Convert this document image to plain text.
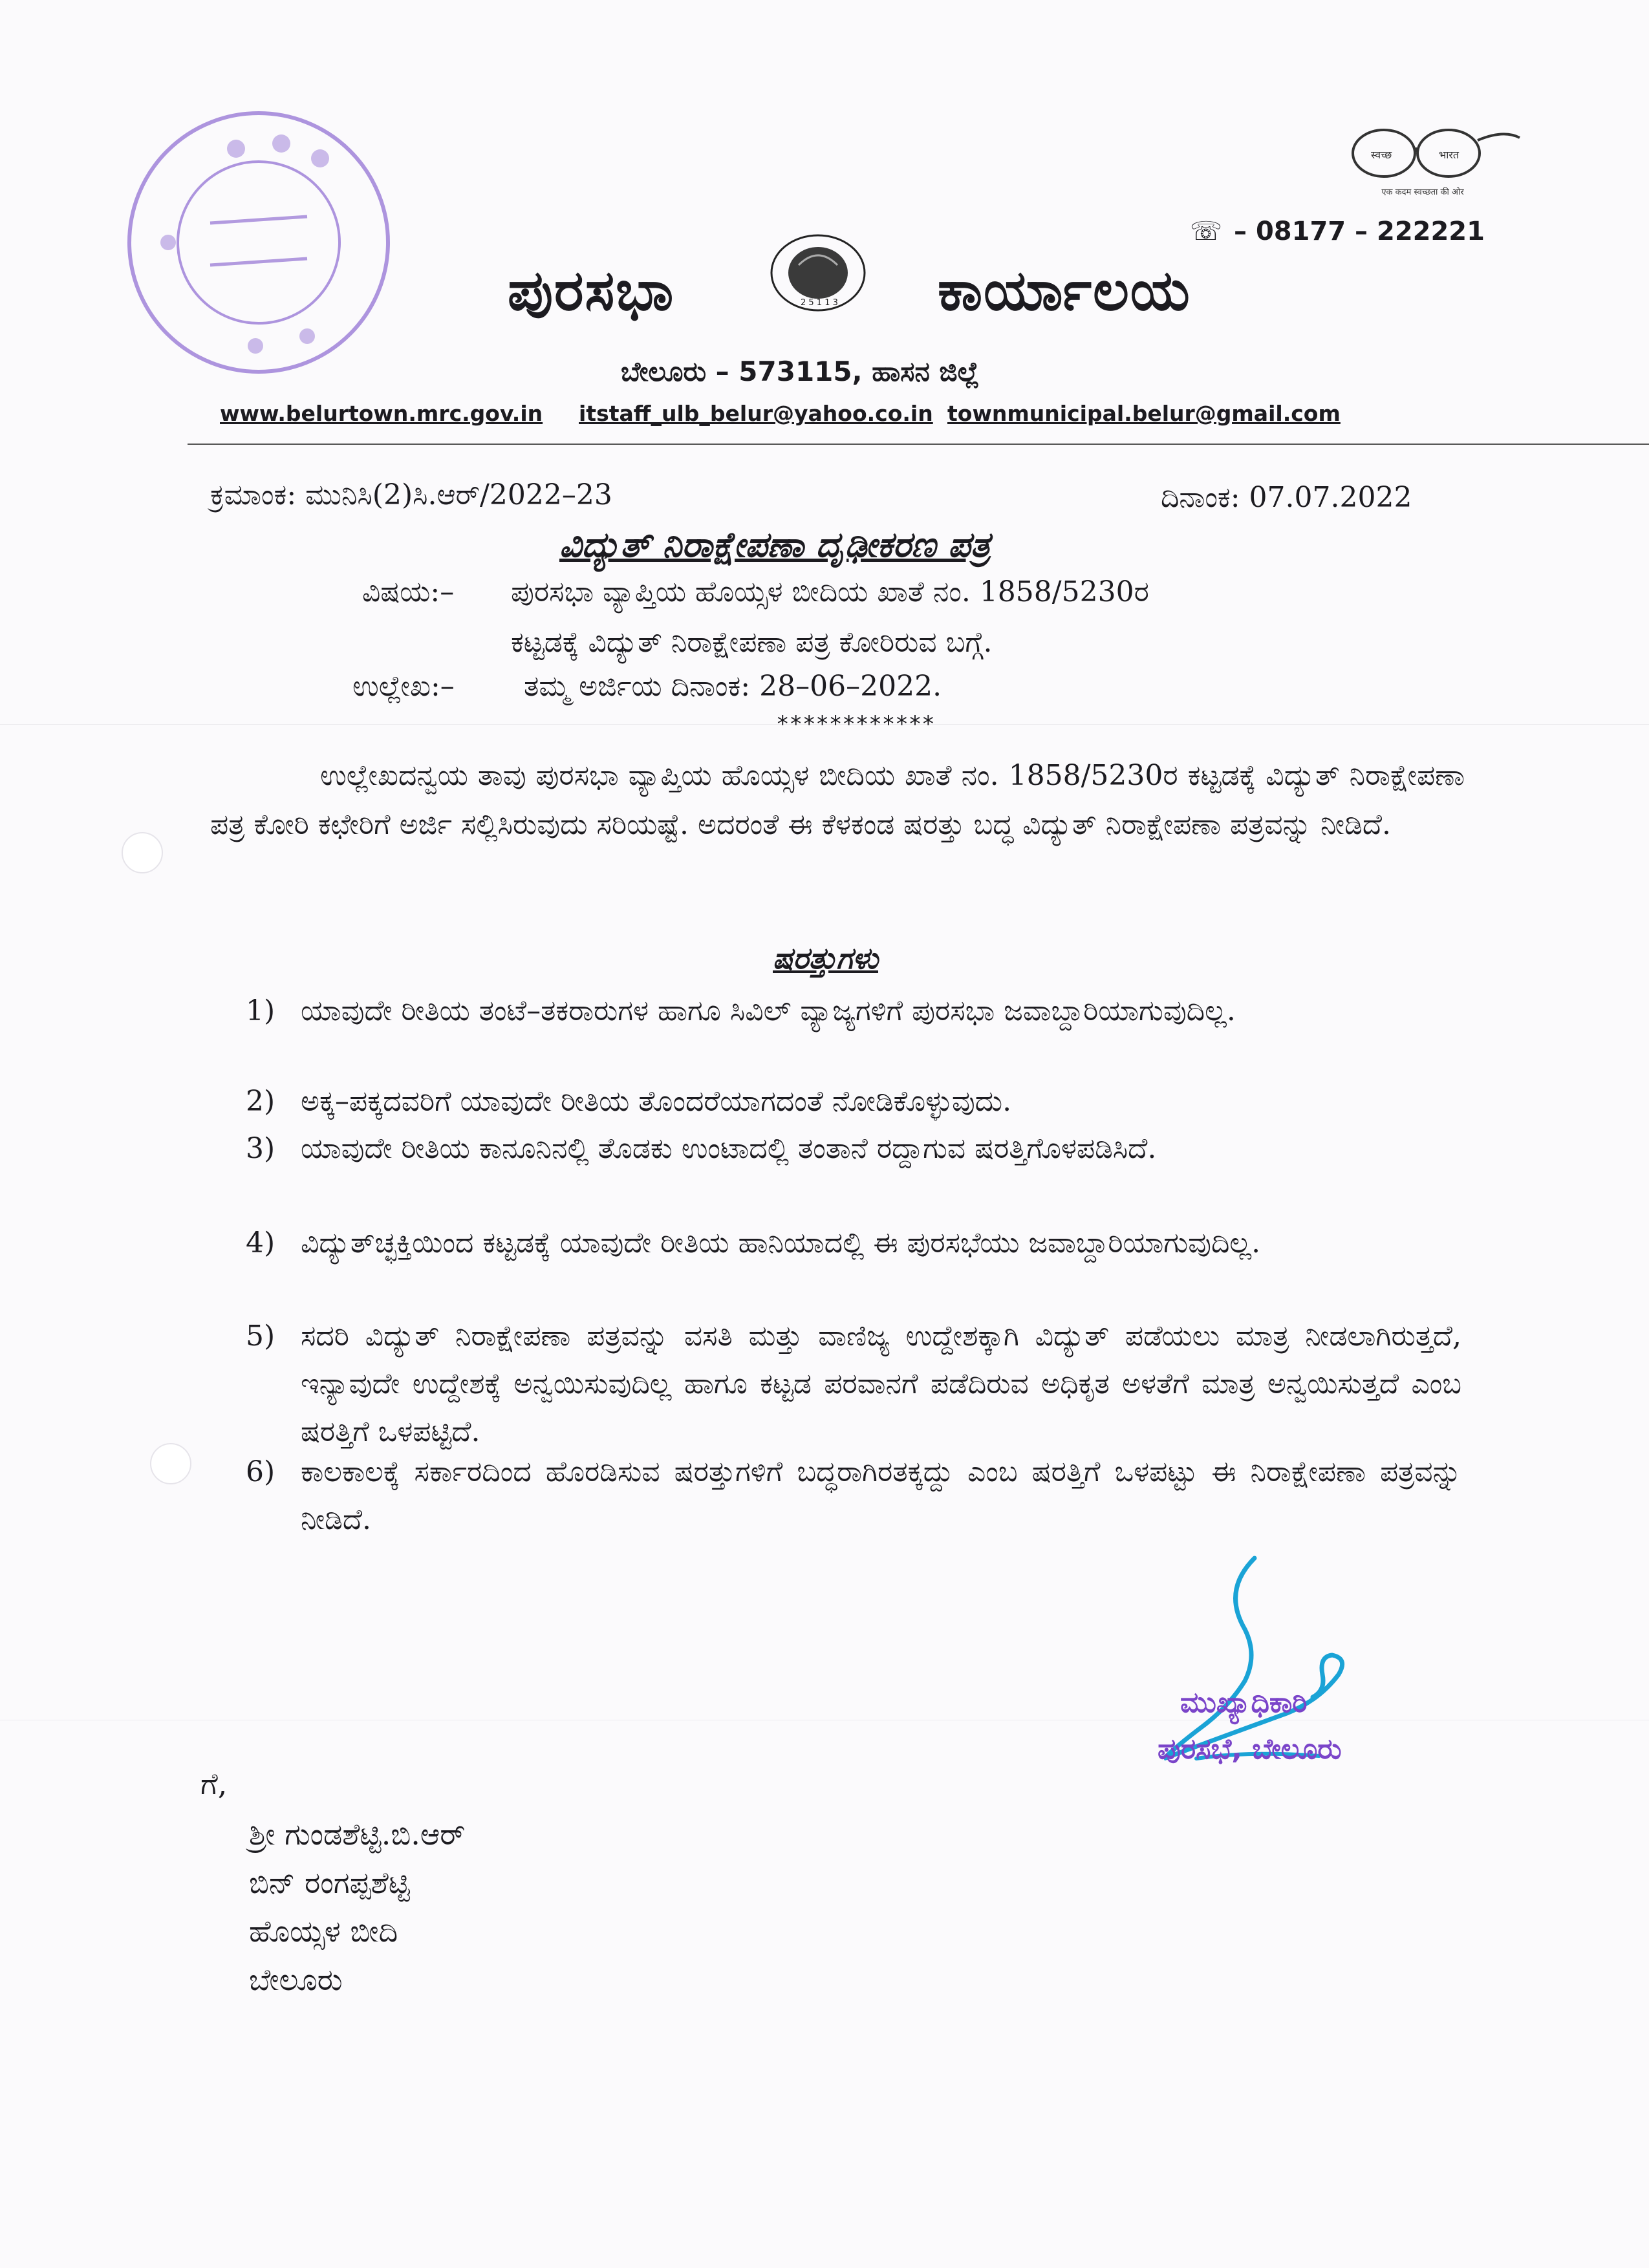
स्वच्छ	भारत
एक कदम स्वच्छता की ओर
☏ – 08177 – 222221
ಪುರಸಭಾ	2 5 1 1 3 ಕಾರ್ಯಾಲಯ
ಬೇಲೂರು – 573115, ಹಾಸನ ಜಿಲ್ಲೆ
www.belurtown.mrc.gov.in itstaff_ulb_belur@yahoo.co.in townmunicipal.belur@gmail.com
ಕ್ರಮಾಂಕ: ಮುನಿಸಿ(2)ಸಿ.ಆರ್/2022–23	ದಿನಾಂಕ: 07.07.2022
ವಿದ್ಯುತ್ ನಿರಾಕ್ಷೇಪಣಾ ದೃಢೀಕರಣ ಪತ್ರ
ವಿಷಯ:– ಪುರಸಭಾ ವ್ಯಾಪ್ತಿಯ ಹೊಯ್ಸಳ ಬೀದಿಯ ಖಾತೆ ನಂ. 1858/5230ರ
ಕಟ್ಟಡಕ್ಕೆ ವಿದ್ಯುತ್ ನಿರಾಕ್ಷೇಪಣಾ ಪತ್ರ ಕೋರಿರುವ ಬಗ್ಗೆ.
ಉಲ್ಲೇಖ:– ತಮ್ಮ ಅರ್ಜಿಯ ದಿನಾಂಕ: 28–06–2022.
************
ಉಲ್ಲೇಖದನ್ವಯ ತಾವು ಪುರಸಭಾ ವ್ಯಾಪ್ತಿಯ ಹೊಯ್ಸಳ ಬೀದಿಯ ಖಾತೆ ನಂ. 1858/5230ರ ಕಟ್ಟಡಕ್ಕೆ ವಿದ್ಯುತ್ ನಿರಾಕ್ಷೇಪಣಾ ಪತ್ರ ಕೋರಿ ಕಛೇರಿಗೆ ಅರ್ಜಿ ಸಲ್ಲಿಸಿರುವುದು ಸರಿಯಷ್ಟೆ. ಅದರಂತೆ ಈ ಕೆಳಕಂಡ ಷರತ್ತು ಬದ್ಧ ವಿದ್ಯುತ್ ನಿರಾಕ್ಷೇಪಣಾ ಪತ್ರವನ್ನು ನೀಡಿದೆ.
ಷರತ್ತುಗಳು
1) ಯಾವುದೇ ರೀತಿಯ ತಂಟೆ–ತಕರಾರುಗಳ ಹಾಗೂ ಸಿವಿಲ್ ವ್ಯಾಜ್ಯಗಳಿಗೆ ಪುರಸಭಾ ಜವಾಬ್ದಾರಿಯಾಗುವುದಿಲ್ಲ.
2) ಅಕ್ಕ–ಪಕ್ಕದವರಿಗೆ ಯಾವುದೇ ರೀತಿಯ ತೊಂದರೆಯಾಗದಂತೆ ನೋಡಿಕೊಳ್ಳುವುದು.
3) ಯಾವುದೇ ರೀತಿಯ ಕಾನೂನಿನಲ್ಲಿ ತೊಡಕು ಉಂಟಾದಲ್ಲಿ ತಂತಾನೆ ರದ್ದಾಗುವ ಷರತ್ತಿಗೊಳಪಡಿಸಿದೆ.
4) ವಿದ್ಯುತ್‌ಚ್ಛಕ್ತಿಯಿಂದ ಕಟ್ಟಡಕ್ಕೆ ಯಾವುದೇ ರೀತಿಯ ಹಾನಿಯಾದಲ್ಲಿ ಈ ಪುರಸಭೆಯು ಜವಾಬ್ದಾರಿಯಾಗುವುದಿಲ್ಲ.
5) ಸದರಿ ವಿದ್ಯುತ್ ನಿರಾಕ್ಷೇಪಣಾ ಪತ್ರವನ್ನು ವಸತಿ ಮತ್ತು ವಾಣಿಜ್ಯ ಉದ್ದೇಶಕ್ಕಾಗಿ ವಿದ್ಯುತ್ ಪಡೆಯಲು ಮಾತ್ರ ನೀಡಲಾಗಿರುತ್ತದೆ, ಇನ್ಯಾವುದೇ ಉದ್ದೇಶಕ್ಕೆ ಅನ್ವಯಿಸುವುದಿಲ್ಲ ಹಾಗೂ ಕಟ್ಟಡ ಪರವಾನಗೆ ಪಡೆದಿರುವ ಅಧಿಕೃತ ಅಳತೆಗೆ ಮಾತ್ರ ಅನ್ವಯಿಸುತ್ತದೆ ಎಂಬ ಷರತ್ತಿಗೆ ಒಳಪಟ್ಟಿದೆ.
6) ಕಾಲಕಾಲಕ್ಕೆ ಸರ್ಕಾರದಿಂದ ಹೊರಡಿಸುವ ಷರತ್ತುಗಳಿಗೆ ಬದ್ಧರಾಗಿರತಕ್ಕದ್ದು ಎಂಬ ಷರತ್ತಿಗೆ ಒಳಪಟ್ಟು ಈ ನಿರಾಕ್ಷೇಪಣಾ ಪತ್ರವನ್ನು ನೀಡಿದೆ.
ಮುಖ್ಯಾಧಿಕಾರಿ
ಪುರಸಭೆ, ಬೇಲೂರು
ಗೆ,
ಶ್ರೀ ಗುಂಡಶೆಟ್ಟಿ.ಬಿ.ಆರ್
ಬಿನ್ ರಂಗಪ್ಪಶೆಟ್ಟಿ
ಹೊಯ್ಸಳ ಬೀದಿ
ಬೇಲೂರು
